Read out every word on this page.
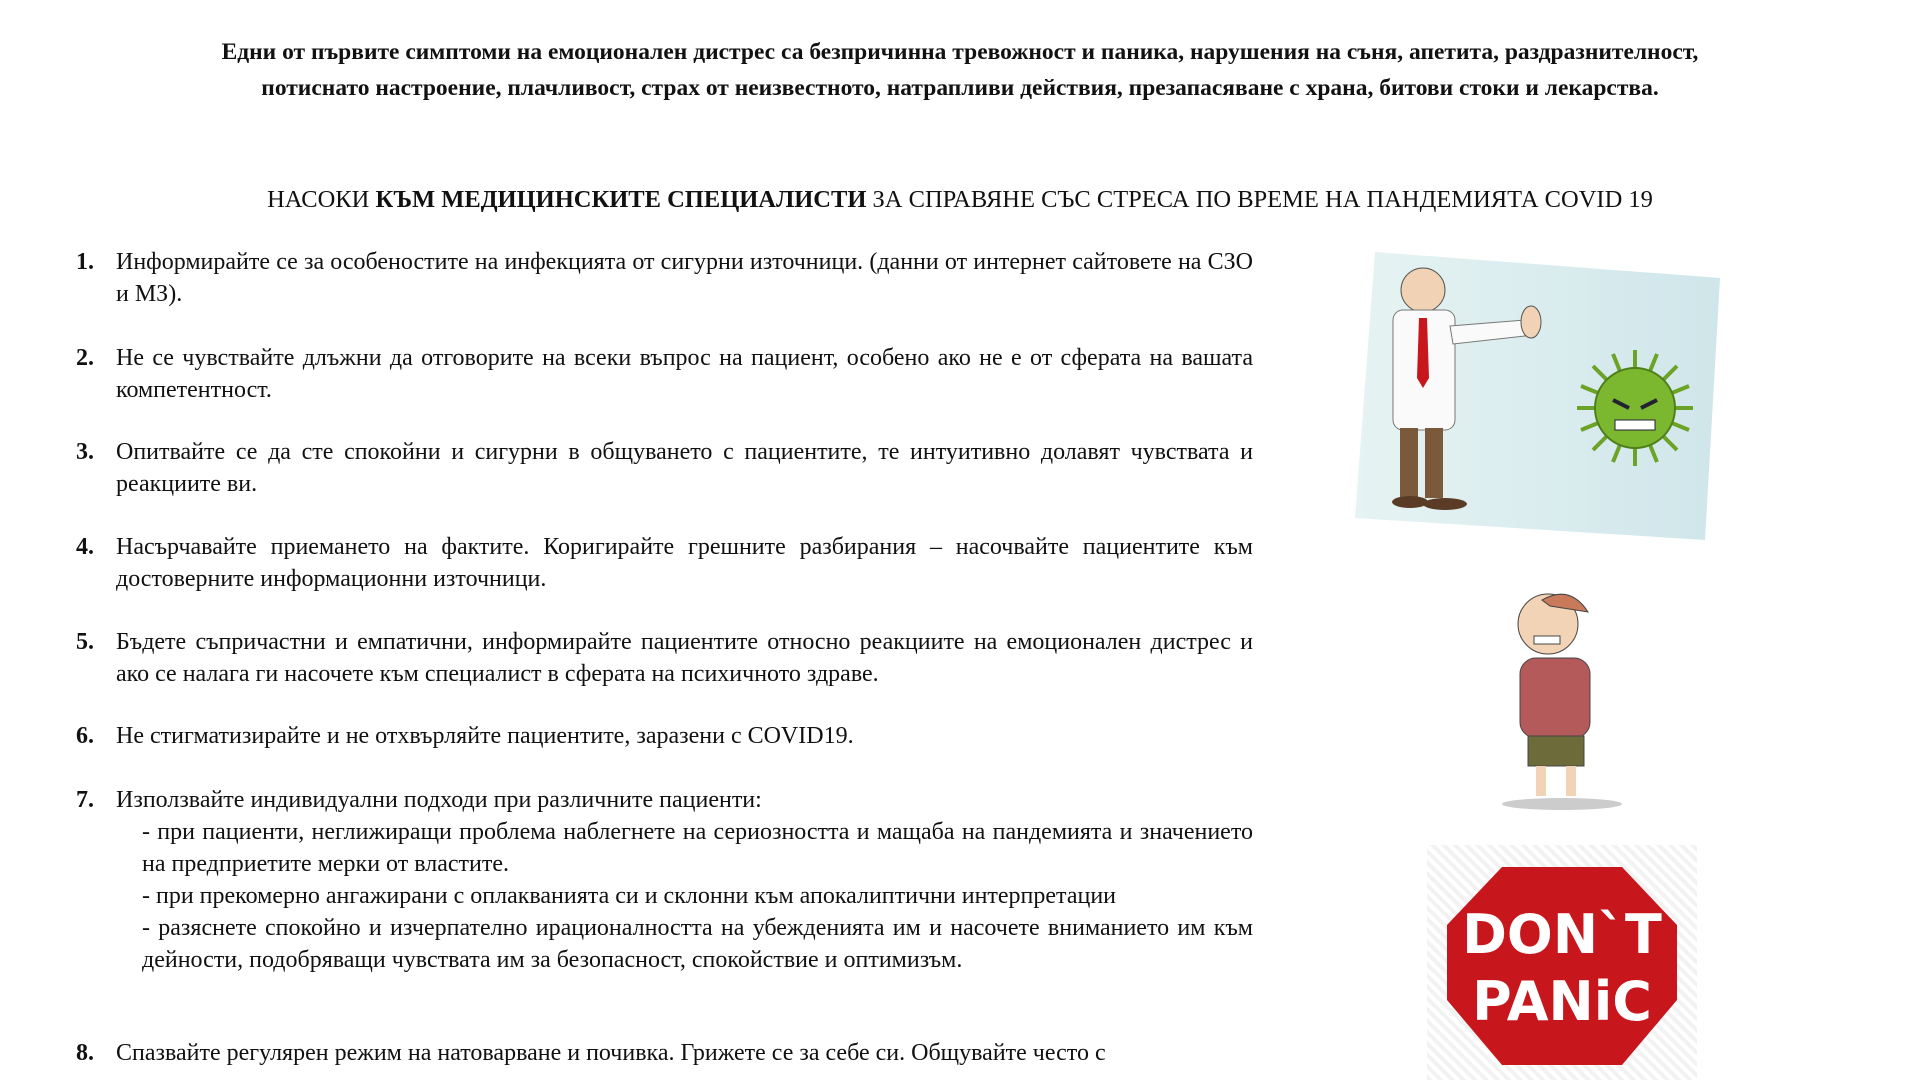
Едни от първите симптоми на емоционален дистрес са безпричинна тревожност и паника, нарушения на съня, апетита, раздразнителност,
потиснато настроение, плачливост, страх от неизвестното, натрапливи действия, презапасяване с храна, битови стоки и лекарства.
НАСОКИ КЪМ МЕДИЦИНСКИТЕ СПЕЦИАЛИСТИ ЗА СПРАВЯНЕ СЪС СТРЕСА ПО ВРЕМЕ НА ПАНДЕМИЯТА COVID 19
1. Информирайте се за особеностите на инфекцията от сигурни източници. (данни от интернет сайтовете на СЗО и МЗ).
2. Не се чувствайте длъжни да отговорите на всеки въпрос на пациент, особено ако не е от сферата на вашата компетентност.
3. Опитвайте се да сте спокойни и сигурни в общуването с пациентите, те интуитивно долавят чувствата и реакциите ви.
4. Насърчавайте приемането на фактите. Коригирайте грешните разбирания – насочвайте пациентите към достоверните информационни източници.
5. Бъдете съпричастни и емпатични, информирайте пациентите относно реакциите на емоционален дистрес и ако се налага ги насочете към специалист в сферата на психичното здраве.
6. Не стигматизирайте и не отхвърляйте пациентите, заразени с COVID19.
7. Използвайте индивидуални подходи при различните пациенти:
- при пациенти, неглижиращи проблема наблегнете на сериозността и мащаба на пандемията и значението на предприетите мерки от властите.
- при прекомерно ангажирани с оплакванията си и склонни към апокалиптични интерпретации
- разяснете спокойно и изчерпателно ирационалността на убежденията им и насочете вниманието им към дейности, подобряващи чувствата им за безопасност, спокойствие и оптимизъм.
8. Спазвайте регулярен режим на натоварване и почивка. Грижете се за себе си. Общувайте често с
DON`T
PANiC
